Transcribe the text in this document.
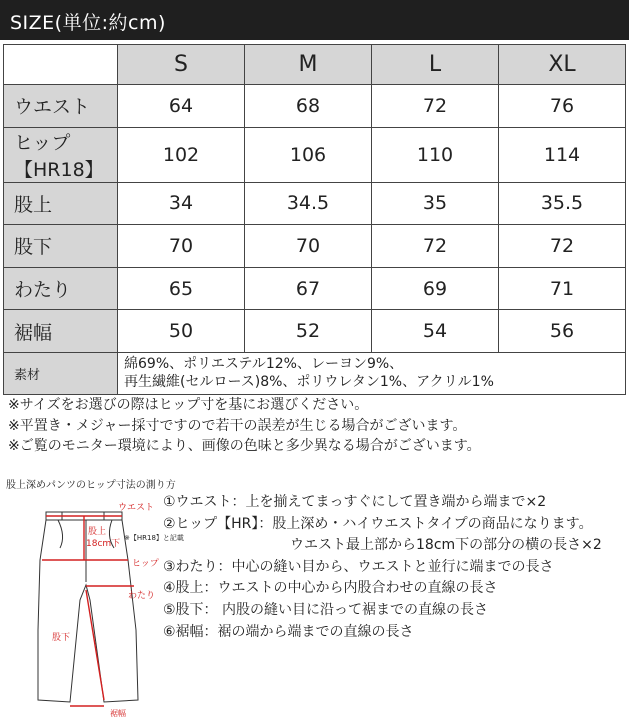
SIZE(単位:約cm)
	S	M	L	XL
ウエスト	64	68	72	76
ヒップ【HR18】	102	106	110	114
股上	34	34.5	35	35.5
股下	70	70	72	72
わたり	65	67	69	71
裾幅	50	52	54	56
素材	綿69%、ポリエステル12%、レーヨン9%、
再生繊維(セルロース)8%、ポリウレタン1%、アクリル1%			
※サイズをお選びの際はヒップ寸を基にお選びください。
※平置き・メジャー採寸ですので若干の誤差が生じる場合がございます。
※ご覧のモニター環境により、画像の色味と多少異なる場合がございます。
股上深めパンツのヒップ寸法の測り方
ウエスト
股上
18cm下
※【HR18】と記載
ヒップ
わたり
股下
裾幅
①ウエスト：上を揃えてまっすぐにして置き端から端まで×2
②ヒップ【HR】：股上深め・ハイウエストタイプの商品になります。
ウエスト最上部から18cm下の部分の横の長さ×2
③わたり：中心の縫い目から、ウエストと並行に端までの長さ
④股上：ウエストの中心から内股合わせの直線の長さ
⑤股下： 内股の縫い目に沿って裾までの直線の長さ
⑥裾幅：裾の端から端までの直線の長さ
